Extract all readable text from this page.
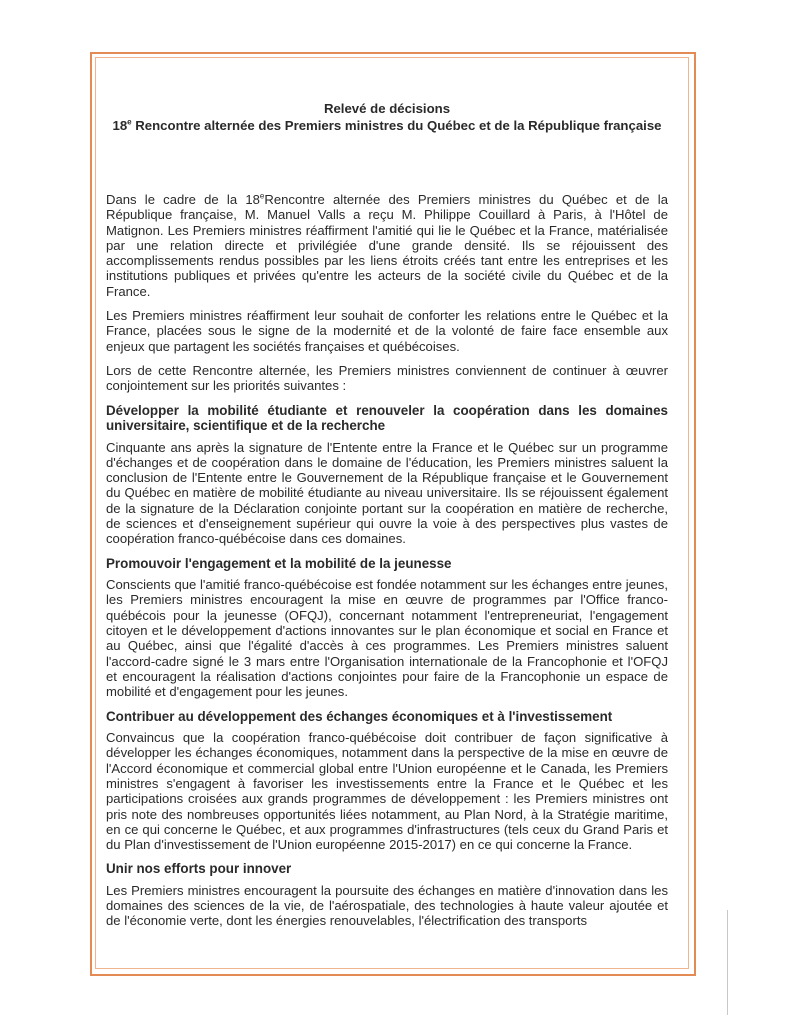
Relevé de décisions
18e Rencontre alternée des Premiers ministres du Québec et de la République française

Dans le cadre de la 18eRencontre alternée des Premiers ministres du Québec et de la République française, M. Manuel Valls a reçu M. Philippe Couillard à Paris, à l'Hôtel de Matignon. Les Premiers ministres réaffirment l'amitié qui lie le Québec et la France, matérialisée par une relation directe et privilégiée d'une grande densité. Ils se réjouissent des accomplissements rendus possibles par les liens étroits créés tant entre les entreprises et les institutions publiques et privées qu'entre les acteurs de la société civile du Québec et de la France.

Les Premiers ministres réaffirment leur souhait de conforter les relations entre le Québec et la France, placées sous le signe de la modernité et de la volonté de faire face ensemble aux enjeux que partagent les sociétés françaises et québécoises.

Lors de cette Rencontre alternée, les Premiers ministres conviennent de continuer à œuvrer conjointement sur les priorités suivantes :

Développer la mobilité étudiante et renouveler la coopération dans les domaines universitaire, scientifique et de la recherche

Cinquante ans après la signature de l'Entente entre la France et le Québec sur un programme d'échanges et de coopération dans le domaine de l'éducation, les Premiers ministres saluent la conclusion de l'Entente entre le Gouvernement de la République française et le Gouvernement du Québec en matière de mobilité étudiante au niveau universitaire. Ils se réjouissent également de la signature de la Déclaration conjointe portant sur la coopération en matière de recherche, de sciences et d'enseignement supérieur qui ouvre la voie à des perspectives plus vastes de coopération franco-québécoise dans ces domaines.

Promouvoir l'engagement et la mobilité de la jeunesse

Conscients que l'amitié franco-québécoise est fondée notamment sur les échanges entre jeunes, les Premiers ministres encouragent la mise en œuvre de programmes par l'Office franco-québécois pour la jeunesse (OFQJ), concernant notamment l'entrepreneuriat, l'engagement citoyen et le développement d'actions innovantes sur le plan économique et social en France et au Québec, ainsi que l'égalité d'accès à ces programmes. Les Premiers ministres saluent l'accord-cadre signé le 3 mars entre l'Organisation internationale de la Francophonie et l'OFQJ et encouragent la réalisation d'actions conjointes pour faire de la Francophonie un espace de mobilité et d'engagement pour les jeunes.

Contribuer au développement des échanges économiques et à l'investissement

Convaincus que la coopération franco-québécoise doit contribuer de façon significative à développer les échanges économiques, notamment dans la perspective de la mise en œuvre de l'Accord économique et commercial global entre l'Union européenne et le Canada, les Premiers ministres s'engagent à favoriser les investissements entre la France et le Québec et les participations croisées aux grands programmes de développement : les Premiers ministres ont pris note des nombreuses opportunités liées notamment, au Plan Nord, à la Stratégie maritime, en ce qui concerne le Québec, et aux programmes d'infrastructures (tels ceux du Grand Paris et du Plan d'investissement de l'Union européenne 2015-2017) en ce qui concerne la France.

Unir nos efforts pour innover

Les Premiers ministres encouragent la poursuite des échanges en matière d'innovation dans les domaines des sciences de la vie, de l'aérospatiale, des technologies à haute valeur ajoutée et de l'économie verte, dont les énergies renouvelables, l'électrification des transports
